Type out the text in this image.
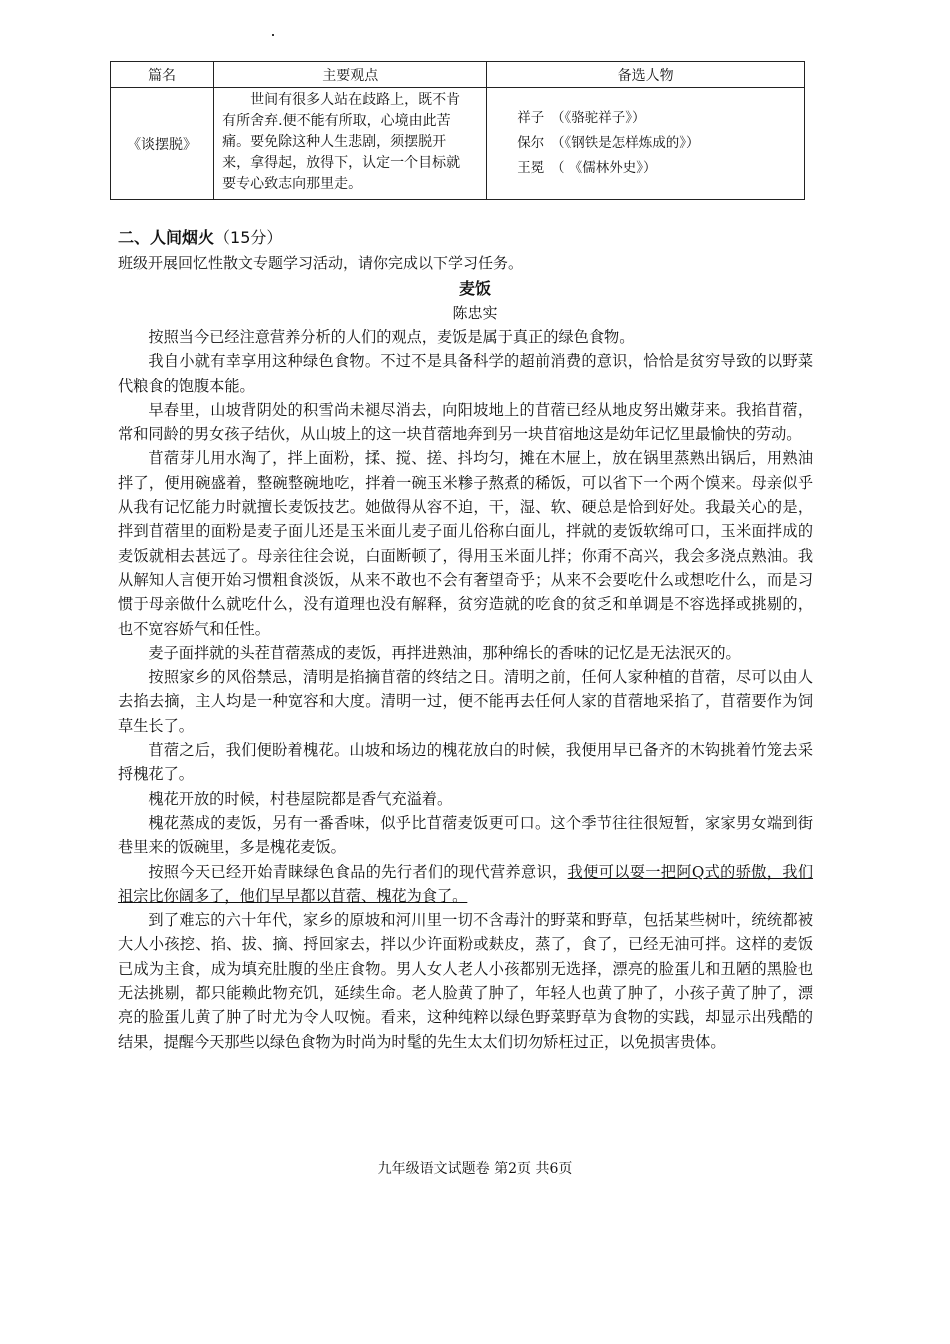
篇名	主要观点	备选人物
《谈摆脱》	世间有很多人站在歧路上，既不肯有所舍弃.便不能有所取，心境由此苦痛。要免除这种人生悲剧，须摆脱开来，拿得起，放得下，认定一个目标就要专心致志向那里走。	祥子　 （《骆驼祥子》）
保尔　 （《钢铁是怎样炼成的》）
王冕　 （ 《儒林外史》）
二、人间烟火（15分）
班级开展回忆性散文专题学习活动，请你完成以下学习任务。
麦饭
陈忠实

按照当今已经注意营养分析的人们的观点，麦饭是属于真正的绿色食物。

我自小就有幸享用这种绿色食物。不过不是具备科学的超前消费的意识，恰恰是贫穷导致的以野菜代粮食的饱腹本能。

早春里，山坡背阴处的积雪尚未褪尽消去，向阳坡地上的苜蓿已经从地皮努出嫩芽来。我掐苜蓿，常和同龄的男女孩子结伙，从山坡上的这一块苜蓿地奔到另一块苜宿地这是幼年记忆里最愉快的劳动。

苜蓿芽儿用水淘了，拌上面粉，揉、搅、搓、抖均匀，摊在木屉上，放在锅里蒸熟出锅后，用熟油拌了，便用碗盛着，整碗整碗地吃，拌着一碗玉米糁子熬煮的稀饭，可以省下一个两个馍来。母亲似乎从我有记忆能力时就擅长麦饭技艺。她做得从容不迫，干，湿、软、硬总是恰到好处。我最关心的是，拌到苜蓿里的面粉是麦子面儿还是玉米面儿麦子面儿俗称白面儿，拌就的麦饭软绵可口，玉米面拌成的麦饭就相去甚远了。母亲往往会说，白面断顿了，得用玉米面儿拌；你甭不高兴，我会多浇点熟油。我从解知人言便开始习惯粗食淡饭，从来不敢也不会有奢望奇乎；从来不会要吃什么或想吃什么，而是习惯于母亲做什么就吃什么，没有道理也没有解释，贫穷造就的吃食的贫乏和单调是不容选择或挑剔的，也不宽容娇气和任性。

麦子面拌就的头茬苜蓿蒸成的麦饭，再拌进熟油，那种绵长的香味的记忆是无法泯灭的。

按照家乡的风俗禁忌，清明是掐摘苜蓿的终结之日。清明之前，任何人家种植的苜蓿，尽可以由人去掐去摘，主人均是一种宽容和大度。清明一过，便不能再去任何人家的苜蓿地采掐了，苜蓿要作为饲草生长了。

苜蓿之后，我们便盼着槐花。山坡和场边的槐花放白的时候，我便用早已备齐的木钩挑着竹笼去采捋槐花了。

槐花开放的时候，村巷屋院都是香气充溢着。

槐花蒸成的麦饭，另有一番香味，似乎比苜蓿麦饭更可口。这个季节往往很短暂，家家男女端到街巷里来的饭碗里，多是槐花麦饭。

按照今天已经开始青睐绿色食品的先行者们的现代营养意识，我便可以耍一把阿Q式的骄傲，我们祖宗比你阔多了，他们早早都以苜蓿、槐花为食了。

到了难忘的六十年代，家乡的原坡和河川里一切不含毒汁的野菜和野草，包括某些树叶，统统都被大人小孩挖、掐、拔、摘、捋回家去，拌以少许面粉或麸皮，蒸了，食了，已经无油可拌。这样的麦饭已成为主食，成为填充肚腹的坐庄食物。男人女人老人小孩都别无选择，漂亮的脸蛋儿和丑陋的黑脸也无法挑剔，都只能赖此物充饥，延续生命。老人脸黄了肿了，年轻人也黄了肿了，小孩子黄了肿了，漂亮的脸蛋儿黄了肿了时尤为令人叹惋。看来，这种纯粹以绿色野菜野草为食物的实践，却显示出残酷的结果，提醒今天那些以绿色食物为时尚为时髦的先生太太们切勿矫枉过正，以免损害贵体。

九年级语文试题卷 第2页 共6页
